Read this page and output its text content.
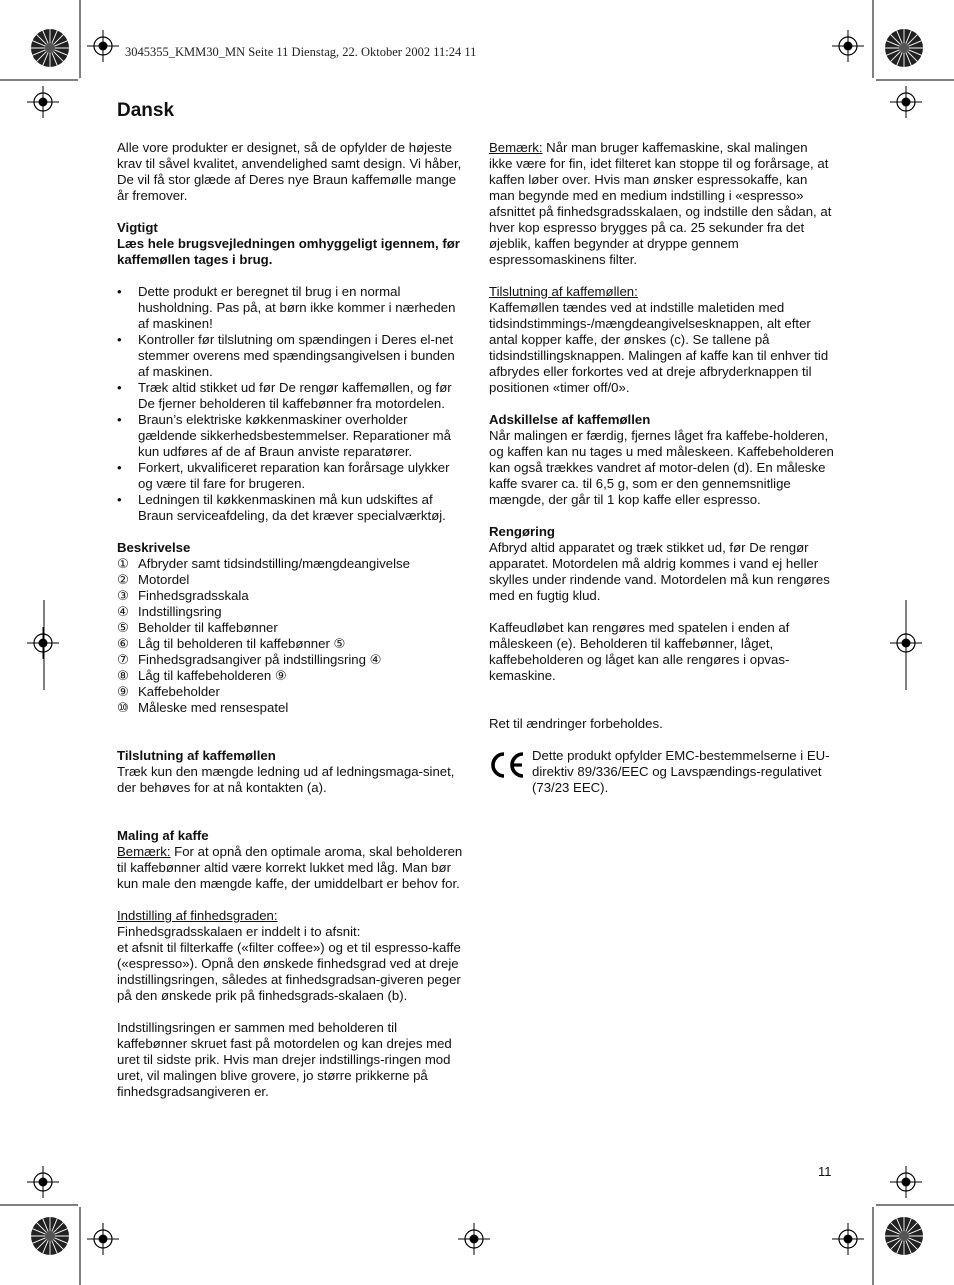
3045355_KMM30_MN Seite 11 Dienstag, 22. Oktober 2002 11:24 11
Dansk

Alle vore produkter er designet, så de opfylder de højeste krav til såvel kvalitet, anvendelighed samt design. Vi håber, De vil få stor glæde af Deres nye Braun kaffemølle mange år fremover.

Vigtigt
Læs hele brugsvejledningen omhyggeligt igennem, før kaffemøllen tages i brug.

• Dette produkt er beregnet til brug i en normal husholdning. Pas på, at børn ikke kommer i nærheden af maskinen!
• Kontroller før tilslutning om spændingen i Deres el-net stemmer overens med spændingsangivelsen i bunden af maskinen.
• Træk altid stikket ud før De rengør kaffemøllen, og før De fjerner beholderen til kaffebønner fra motordelen.
• Braun’s elektriske køkkenmaskiner overholder gældende sikkerhedsbestemmelser. Reparationer må kun udføres af de af Braun anviste reparatører.
• Forkert, ukvalificeret reparation kan forårsage ulykker og være til fare for brugeren.
• Ledningen til køkkenmaskinen må kun udskiftes af Braun serviceafdeling, da det kræver specialværktøj.
Beskrivelse
① Afbryder samt tidsindstilling/mængdeangivelse
② Motordel
③ Finhedsgradsskala
④ Indstillingsring
⑤ Beholder til kaffebønner
⑥ Låg til beholderen til kaffebønner ⑤
⑦ Finhedsgradsangiver på indstillingsring ④
⑧ Låg til kaffebeholderen ⑨
⑨ Kaffebeholder
⑩ Måleske med rensespatel

Tilslutning af kaffemøllen
Træk kun den mængde ledning ud af ledningsmaga-sinet, der behøves for at nå kontakten (a).

Maling af kaffe
Bemærk: For at opnå den optimale aroma, skal beholderen til kaffebønner altid være korrekt lukket med låg. Man bør kun male den mængde kaffe, der umiddelbart er behov for.

Indstilling af finhedsgraden:
Finhedsgradsskalaen er inddelt i to afsnit:
et afsnit til filterkaffe («filter coffee») og et til espresso-kaffe («espresso»). Opnå den ønskede finhedsgrad ved at dreje indstillingsringen, således at finhedsgradsan-giveren peger på den ønskede prik på finhedsgrads-skalaen (b).

Indstillingsringen er sammen med beholderen til kaffebønner skruet fast på motordelen og kan drejes med uret til sidste prik. Hvis man drejer indstillings-ringen mod uret, vil malingen blive grovere, jo større prikkerne på finhedsgradsangiveren er.

Bemærk: Når man bruger kaffemaskine, skal malingen ikke være for fin, idet filteret kan stoppe til og forårsage, at kaffen løber over. Hvis man ønsker espressokaffe, kan man begynde med en medium indstilling i «espresso» afsnittet på finhedsgradsskalaen, og indstille den sådan, at hver kop espresso brygges på ca. 25 sekunder fra det øjeblik, kaffen begynder at dryppe gennem espressomaskinens filter.

Tilslutning af kaffemøllen:
Kaffemøllen tændes ved at indstille maletiden med tidsindstimmings-/mængdeangivelsesknappen, alt efter antal kopper kaffe, der ønskes (c). Se tallene på tidsindstillingsknappen. Malingen af kaffe kan til enhver tid afbrydes eller forkortes ved at dreje afbryderknappen til positionen «timer off/0».

Adskillelse af kaffemøllen
Når malingen er færdig, fjernes låget fra kaffebe-holderen, og kaffen kan nu tages u med måleskeen. Kaffebeholderen kan også trækkes vandret af motor-delen (d). En måleske kaffe svarer ca. til 6,5 g, som er den gennemsnitlige mængde, der går til 1 kop kaffe eller espresso.

Rengøring
Afbryd altid apparatet og træk stikket ud, før De rengør apparatet. Motordelen må aldrig kommes i vand ej heller skylles under rindende vand. Motordelen må kun rengøres med en fugtig klud.

Kaffeudløbet kan rengøres med spatelen i enden af måleskeen (e). Beholderen til kaffebønner, låget, kaffebeholderen og låget kan alle rengøres i opvas-kemaskine.

Ret til ændringer forbeholdes.

Dette produkt opfylder EMC-bestemmelserne i EU-direktiv 89/336/EEC og Lavspændings-regulativet (73/23 EEC).
11
